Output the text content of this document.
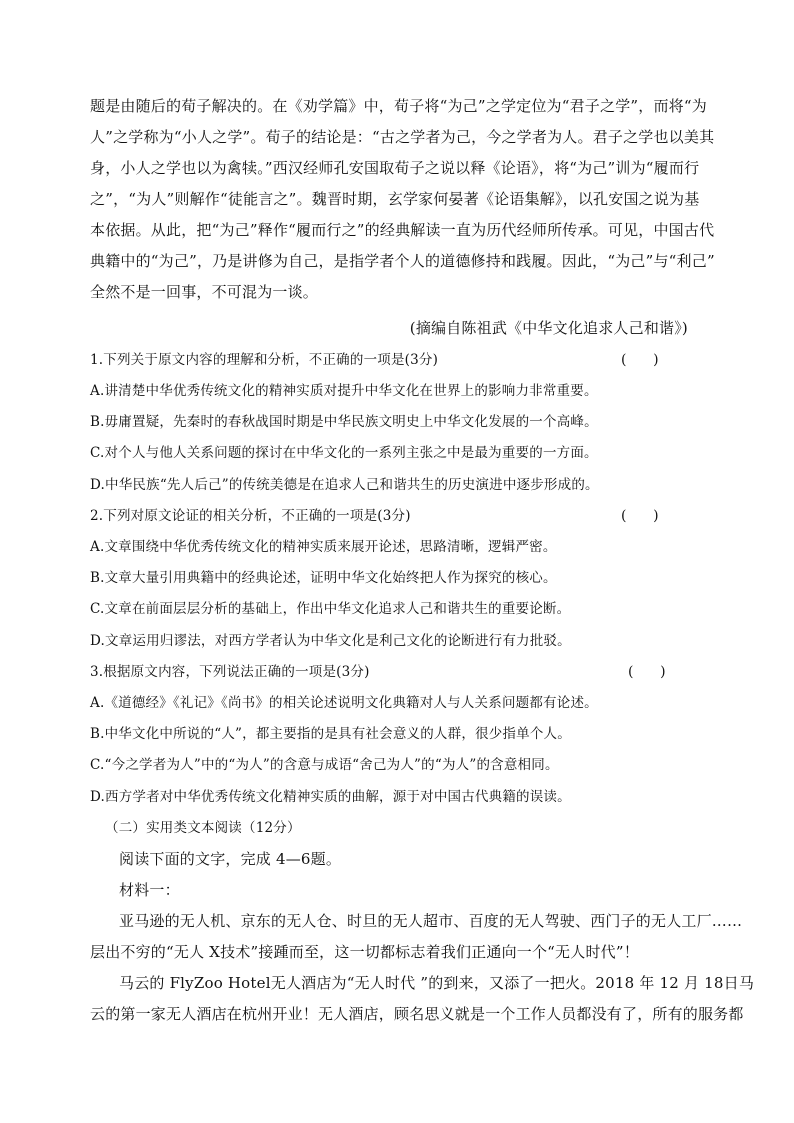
题是由随后的荀子解决的。在《劝学篇》中，荀子将“为己”之学定位为“君子之学”，而将“为
人”之学称为“小人之学”。荀子的结论是：“古之学者为己，今之学者为人。君子之学也以美其
身，小人之学也以为禽犊。”西汉经师孔安国取荀子之说以释《论语》，将“为己”训为“履而行
之”，“为人”则解作“徒能言之”。魏晋时期，玄学家何晏著《论语集解》，以孔安国之说为基
本依据。从此，把“为己”释作“履而行之”的经典解读一直为历代经师所传承。可见，中国古代
典籍中的“为己”，乃是讲修为自己，是指学者个人的道德修持和践履。因此，“为己”与“利己”
全然不是一回事，不可混为一谈。
(摘编自陈祖武《中华文化追求人己和谐》)
1.下列关于原文内容的理解和分析，不正确的一项是(3分)	(      )
A.讲清楚中华优秀传统文化的精神实质对提升中华文化在世界上的影响力非常重要。
B.毋庸置疑，先秦时的春秋战国时期是中华民族文明史上中华文化发展的一个高峰。
C.对个人与他人关系问题的探讨在中华文化的一系列主张之中是最为重要的一方面。
D.中华民族“先人后己”的传统美德是在追求人己和谐共生的历史演进中逐步形成的。
2.下列对原文论证的相关分析，不正确的一项是(3分)	(      )
A.文章围绕中华优秀传统文化的精神实质来展开论述，思路清晰，逻辑严密。
B.文章大量引用典籍中的经典论述，证明中华文化始终把人作为探究的核心。
C.文章在前面层层分析的基础上，作出中华文化追求人己和谐共生的重要论断。
D.文章运用归谬法，对西方学者认为中华文化是利己文化的论断进行有力批驳。
3.根据原文内容，下列说法正确的一项是(3分)	(      )
A.《道德经》《礼记》《尚书》的相关论述说明文化典籍对人与人关系问题都有论述。
B.中华文化中所说的“人”，都主要指的是具有社会意义的人群，很少指单个人。
C.“今之学者为人”中的“为人”的含意与成语“舍己为人”的“为人”的含意相同。
D.西方学者对中华优秀传统文化精神实质的曲解，源于对中国古代典籍的误读。
（二）实用类文本阅读（12分）
阅读下面的文字，完成 4—6题。
材料一：
亚马逊的无人机、京东的无人仓、时旦的无人超市、百度的无人驾驶、西门子的无人工厂……
层出不穷的“无人 X技术”接踵而至，这一切都标志着我们正通向一个“无人时代”！
马云的 FlyZoo Hotel无人酒店为“无人时代 ”的到来，又添了一把火。2018 年 12 月 18日马
云的第一家无人酒店在杭州开业！无人酒店，顾名思义就是一个工作人员都没有了，所有的服务都
